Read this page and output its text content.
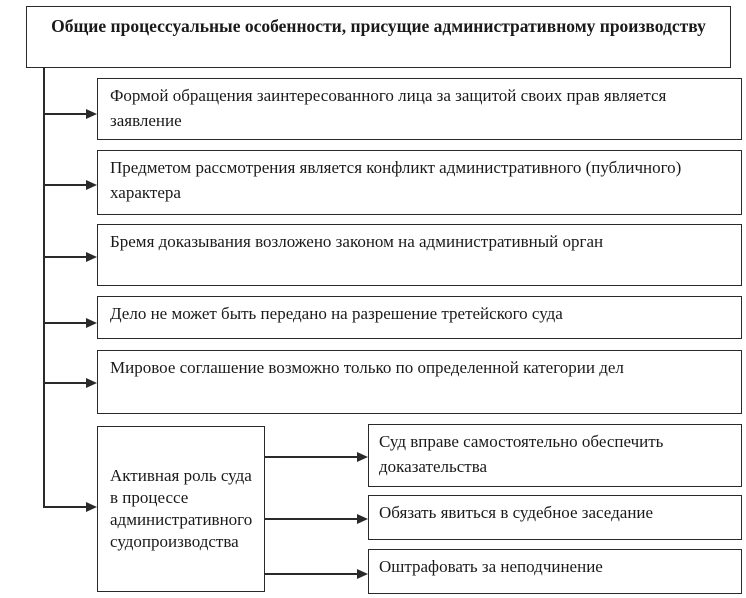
Общие процессуальные особенности, присущие административному производству
Формой обращения заинтересованного лица за защитой своих прав является заявление
Предметом рассмотрения является конфликт административного (публичного) характера
Бремя доказывания возложено законом на административный орган
Дело не может быть передано на разрешение третейского суда
Мировое соглашение возможно только по определенной категории дел
Активная роль суда в процессе административного судопроизводства
Суд вправе самостоятельно обеспечить доказательства
Обязать явиться в судебное заседание
Оштрафовать за неподчинение
